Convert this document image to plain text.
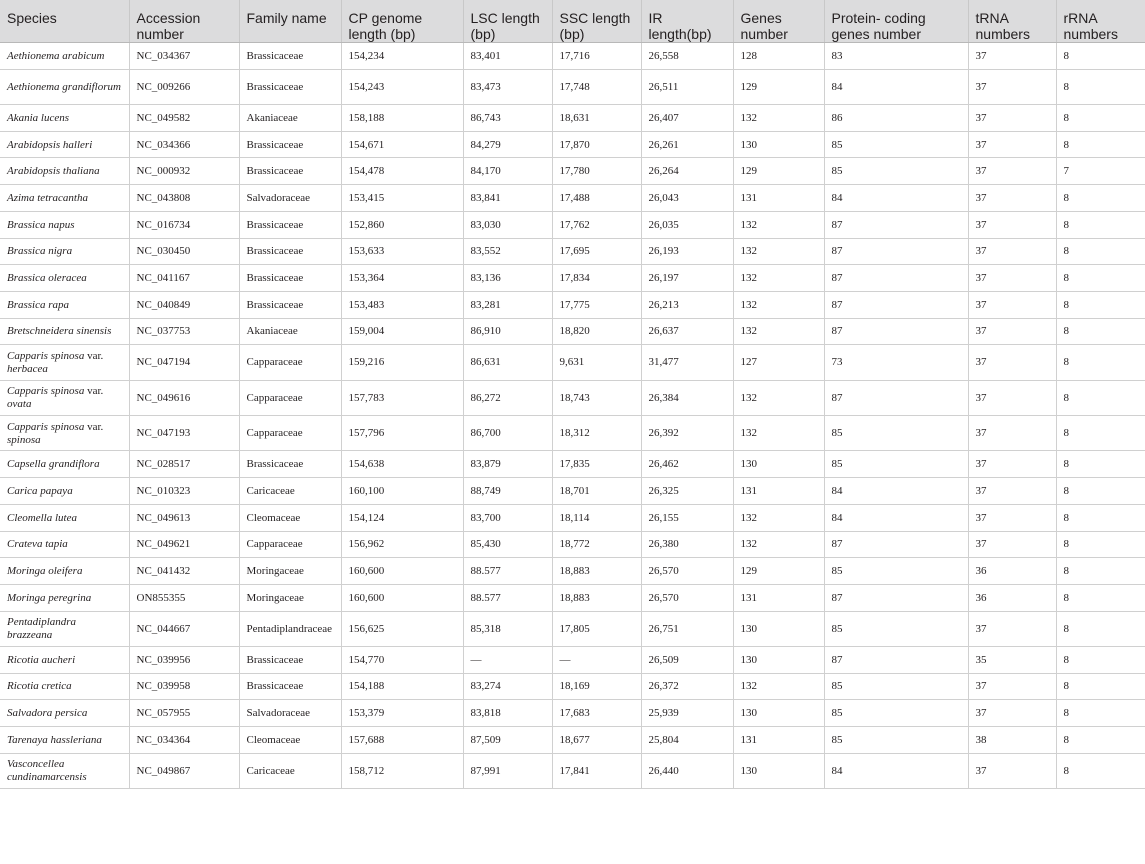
Species	Accession number	Family name	CP genome length (bp)	LSC length (bp)	SSC length (bp)	IR length(bp)	Genes number	Protein- coding genes number	tRNA numbers	rRNA numbers
Aethionema arabicum	NC_034367	Brassicaceae	154,234	83,401	17,716	26,558	128	83	37	8
Aethionema grandiflorum	NC_009266	Brassicaceae	154,243	83,473	17,748	26,511	129	84	37	8
Akania lucens	NC_049582	Akaniaceae	158,188	86,743	18,631	26,407	132	86	37	8
Arabidopsis halleri	NC_034366	Brassicaceae	154,671	84,279	17,870	26,261	130	85	37	8
Arabidopsis thaliana	NC_000932	Brassicaceae	154,478	84,170	17,780	26,264	129	85	37	7
Azima tetracantha	NC_043808	Salvadoraceae	153,415	83,841	17,488	26,043	131	84	37	8
Brassica napus	NC_016734	Brassicaceae	152,860	83,030	17,762	26,035	132	87	37	8
Brassica nigra	NC_030450	Brassicaceae	153,633	83,552	17,695	26,193	132	87	37	8
Brassica oleracea	NC_041167	Brassicaceae	153,364	83,136	17,834	26,197	132	87	37	8
Brassica rapa	NC_040849	Brassicaceae	153,483	83,281	17,775	26,213	132	87	37	8
Bretschneidera sinensis	NC_037753	Akaniaceae	159,004	86,910	18,820	26,637	132	87	37	8
Capparis spinosa var. herbacea	NC_047194	Capparaceae	159,216	86,631	9,631	31,477	127	73	37	8
Capparis spinosa var. ovata	NC_049616	Capparaceae	157,783	86,272	18,743	26,384	132	87	37	8
Capparis spinosa var. spinosa	NC_047193	Capparaceae	157,796	86,700	18,312	26,392	132	85	37	8
Capsella grandiflora	NC_028517	Brassicaceae	154,638	83,879	17,835	26,462	130	85	37	8
Carica papaya	NC_010323	Caricaceae	160,100	88,749	18,701	26,325	131	84	37	8
Cleomella lutea	NC_049613	Cleomaceae	154,124	83,700	18,114	26,155	132	84	37	8
Crateva tapia	NC_049621	Capparaceae	156,962	85,430	18,772	26,380	132	87	37	8
Moringa oleifera	NC_041432	Moringaceae	160,600	88.577	18,883	26,570	129	85	36	8
Moringa peregrina	ON855355	Moringaceae	160,600	88.577	18,883	26,570	131	87	36	8
Pentadiplandra brazzeana	NC_044667	Pentadiplandraceae	156,625	85,318	17,805	26,751	130	85	37	8
Ricotia aucheri	NC_039956	Brassicaceae	154,770	—	—	26,509	130	87	35	8
Ricotia cretica	NC_039958	Brassicaceae	154,188	83,274	18,169	26,372	132	85	37	8
Salvadora persica	NC_057955	Salvadoraceae	153,379	83,818	17,683	25,939	130	85	37	8
Tarenaya hassleriana	NC_034364	Cleomaceae	157,688	87,509	18,677	25,804	131	85	38	8
Vasconcellea cundinamarcensis	NC_049867	Caricaceae	158,712	87,991	17,841	26,440	130	84	37	8
